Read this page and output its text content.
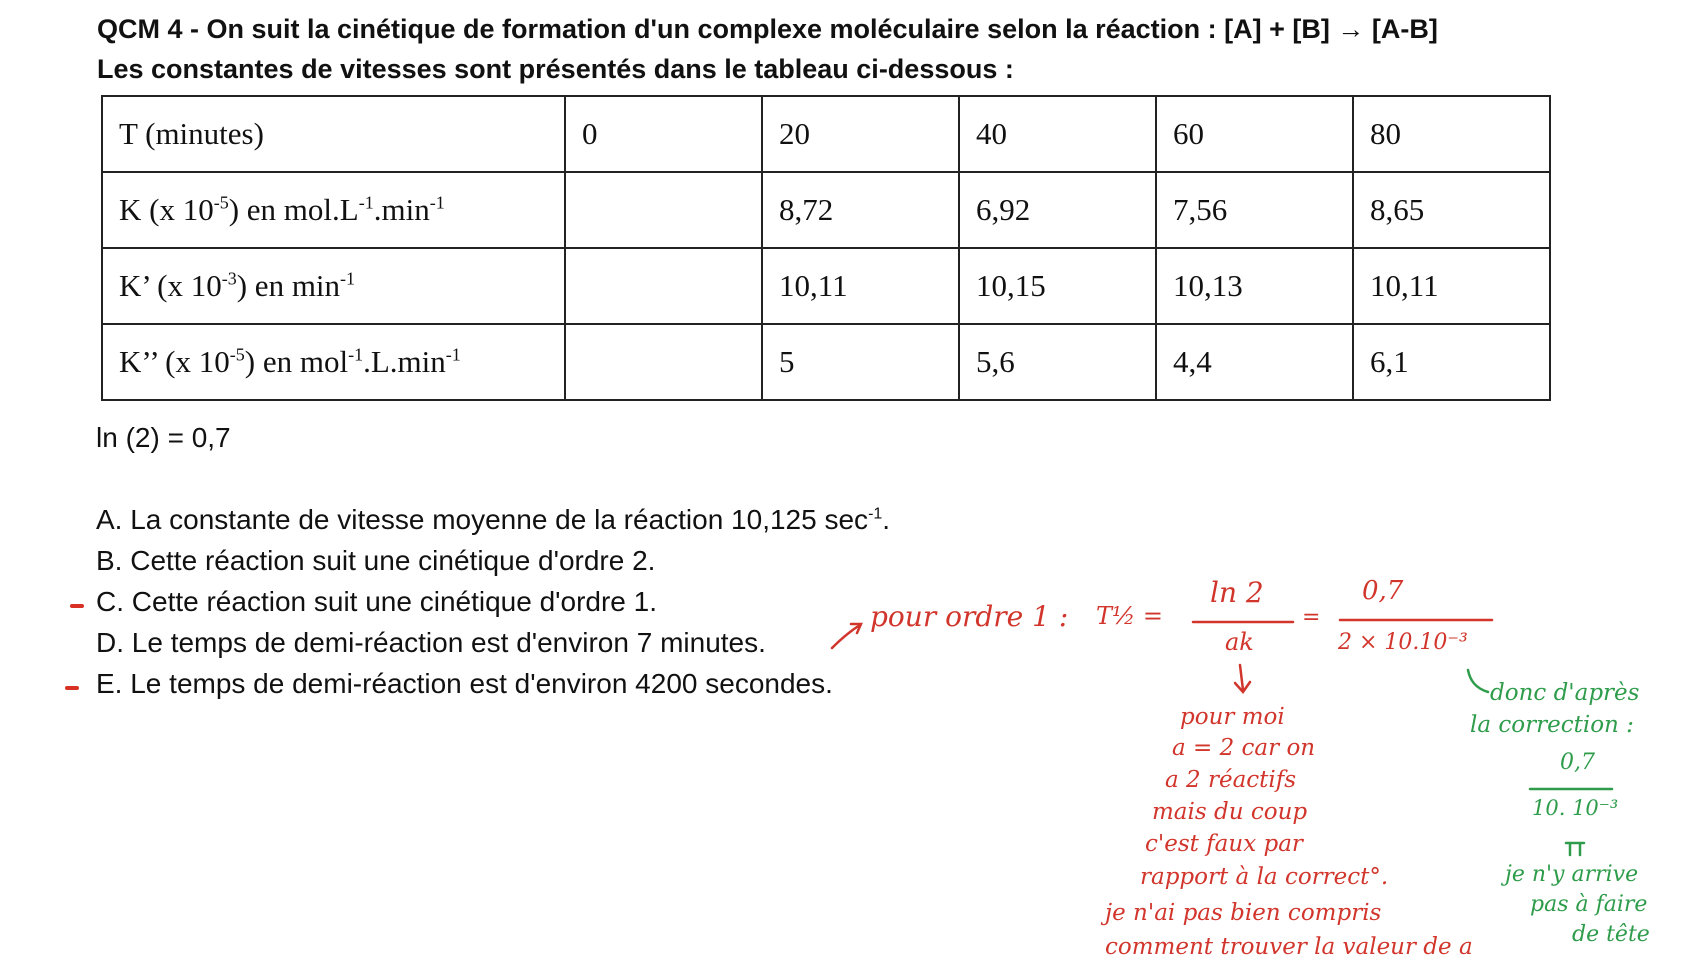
QCM 4 - On suit la cinétique de formation d'un complexe moléculaire selon la réaction : [A] + [B] → [A-B]
Les constantes de vitesses sont présentés dans le tableau ci-dessous :
T (minutes)	0	20	40	60	80
K (x $10^{-5}$) en $mol.L^{-1}.\min^{-1}$		8,72	6,92	7,56	8,65
K’ (x $10^{-3}$) en $\min^{-1}$		10,11	10,15	10,13	10,11
K’’ (x $10^{-5}$) en $mol^{-1}.L.\min^{-1}$		5	5,6	4,4	6,1
ln (2) = 0,7
A. La constante de vitesse moyenne de la réaction 10,125 $\sec^{-1}$.
B. Cette réaction suit une cinétique d'ordre 2.
C. Cette réaction suit une cinétique d'ordre 1.
D. Le temps de demi-réaction est d'environ 7 minutes.
E. Le temps de demi-réaction est d'environ 4200 secondes.
pour ordre 1 : T½ =
ln 2
ak
=
0,7
2 × 10.10⁻³
pour moi
a = 2 car on
a 2 réactifs
mais du coup
c'est faux par
rapport à la correct°.
je n'ai pas bien compris
comment trouver la valeur de a
donc d'après
la correction :
0,7
10. 10⁻³
je n'y arrive
pas à faire
de tête
